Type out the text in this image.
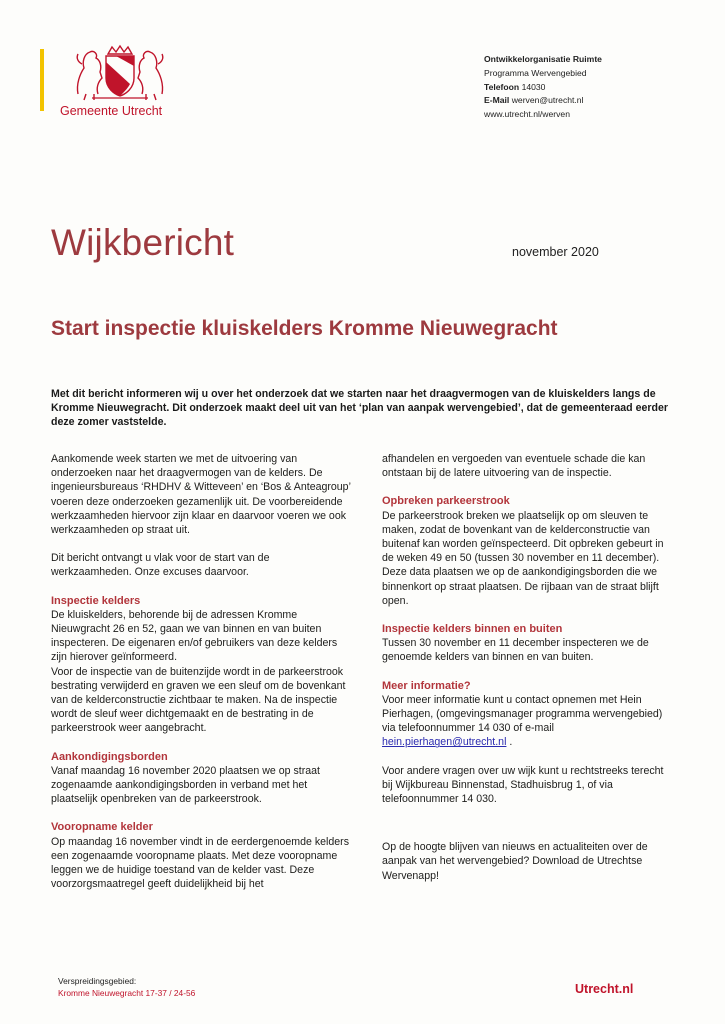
Gemeente Utrecht
Ontwikkelorganisatie Ruimte
Programma Wervengebied
Telefoon 14030
E-Mail werven@utrecht.nl
www.utrecht.nl/werven
Wijkbericht	november 2020
Start inspectie kluiskelders Kromme Nieuwegracht

Met dit bericht informeren wij u over het onderzoek dat we starten naar het draagvermogen van de kluiskelders langs de Kromme Nieuwegracht. Dit onderzoek maakt deel uit van het ‘plan van aanpak wervengebied’, dat de gemeenteraad eerder deze zomer vaststelde.

Aankomende week starten we met de uitvoering van onderzoeken naar het draagvermogen van de kelders. De ingenieursbureaus ‘RHDHV & Witteveen’ en ‘Bos & Anteagroup’ voeren deze onderzoeken gezamenlijk uit. De voorbereidende werkzaamheden hiervoor zijn klaar en daarvoor voeren we ook werkzaamheden op straat uit.

Dit bericht ontvangt u vlak voor de start van de werkzaamheden. Onze excuses daarvoor.

Inspectie kelders
De kluiskelders, behorende bij de adressen Kromme Nieuwgracht 26 en 52, gaan we van binnen en van buiten inspecteren. De eigenaren en/of gebruikers van deze kelders zijn hierover geïnformeerd.

Voor de inspectie van de buitenzijde wordt in de parkeerstrook bestrating verwijderd en graven we een sleuf om de bovenkant van de kelderconstructie zichtbaar te maken. Na de inspectie wordt de sleuf weer dichtgemaakt en de bestrating in de parkeerstrook weer aangebracht.

Aankondigingsborden

Vanaf maandag 16 november 2020 plaatsen we op straat zogenaamde aankondigingsborden in verband met het plaatselijk openbreken van de parkeerstrook.

Vooropname kelder

Op maandag 16 november vindt in de eerdergenoemde kelders een zogenaamde vooropname plaats. Met deze vooropname leggen we de huidige toestand van de kelder vast. Deze voorzorgsmaatregel geeft duidelijkheid bij het

afhandelen en vergoeden van eventuele schade die kan ontstaan bij de latere uitvoering van de inspectie.

Opbreken parkeerstrook

De parkeerstrook breken we plaatselijk op om sleuven te maken, zodat de bovenkant van de kelderconstructie van buitenaf kan worden geïnspecteerd. Dit opbreken gebeurt in de weken 49 en 50 (tussen 30 november en 11 december). Deze data plaatsen we op de aankondigingsborden die we binnenkort op straat plaatsen. De rijbaan van de straat blijft open.

Inspectie kelders binnen en buiten

Tussen 30 november en 11 december inspecteren we de genoemde kelders van binnen en van buiten.

Meer informatie?

Voor meer informatie kunt u contact opnemen met Hein Pierhagen, (omgevingsmanager programma wervengebied) via telefoonnummer 14 030 of e-mail
hein.pierhagen@utrecht.nl .

Voor andere vragen over uw wijk kunt u rechtstreeks terecht bij Wijkbureau Binnenstad, Stadhuisbrug 1, of via telefoonnummer 14 030.

Op de hoogte blijven van nieuws en actualiteiten over de aanpak van het wervengebied? Download de Utrechtse Wervenapp!

Verspreidingsgebied:
Kromme Nieuwegracht 17-37 / 24-56	Utrecht.nl
